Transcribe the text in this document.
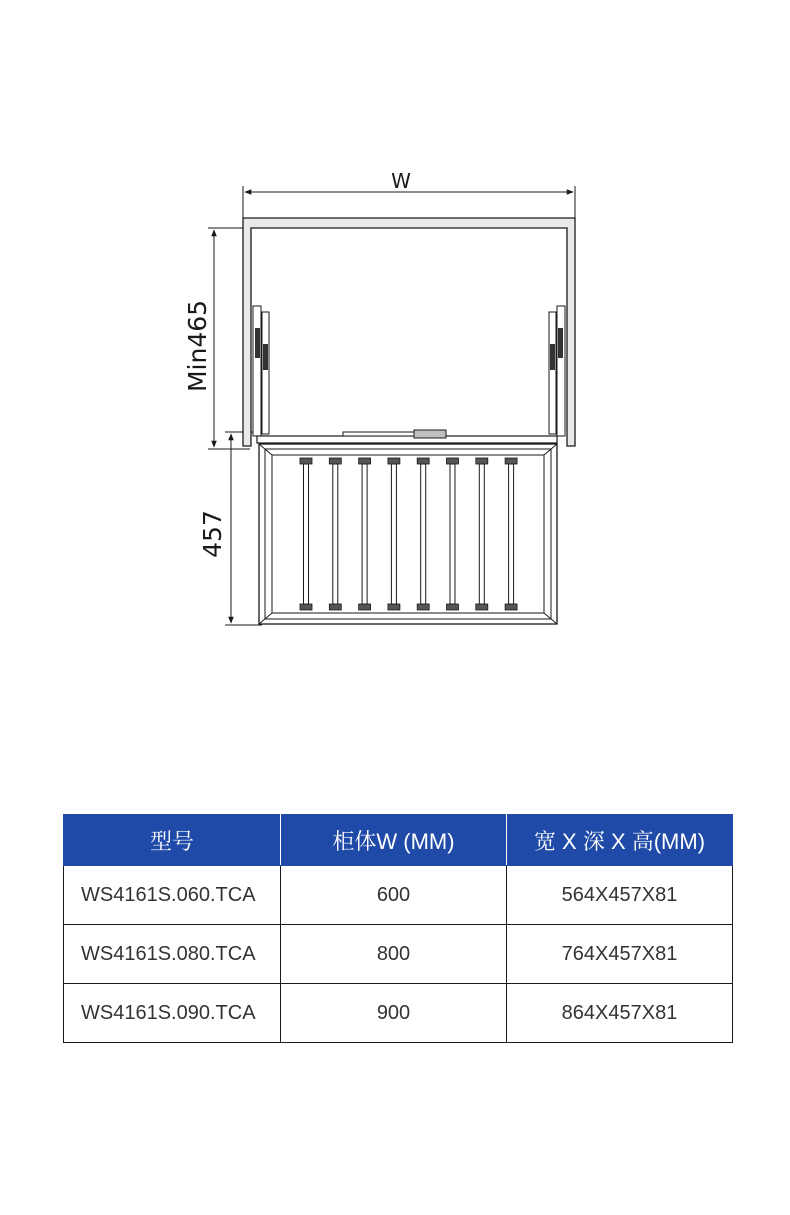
W
Min465
457
型号	柜体W (MM)	宽 X 深 X 高(MM)
WS4161S.060.TCA	600	564X457X81
WS4161S.080.TCA	800	764X457X81
WS4161S.090.TCA	900	864X457X81
